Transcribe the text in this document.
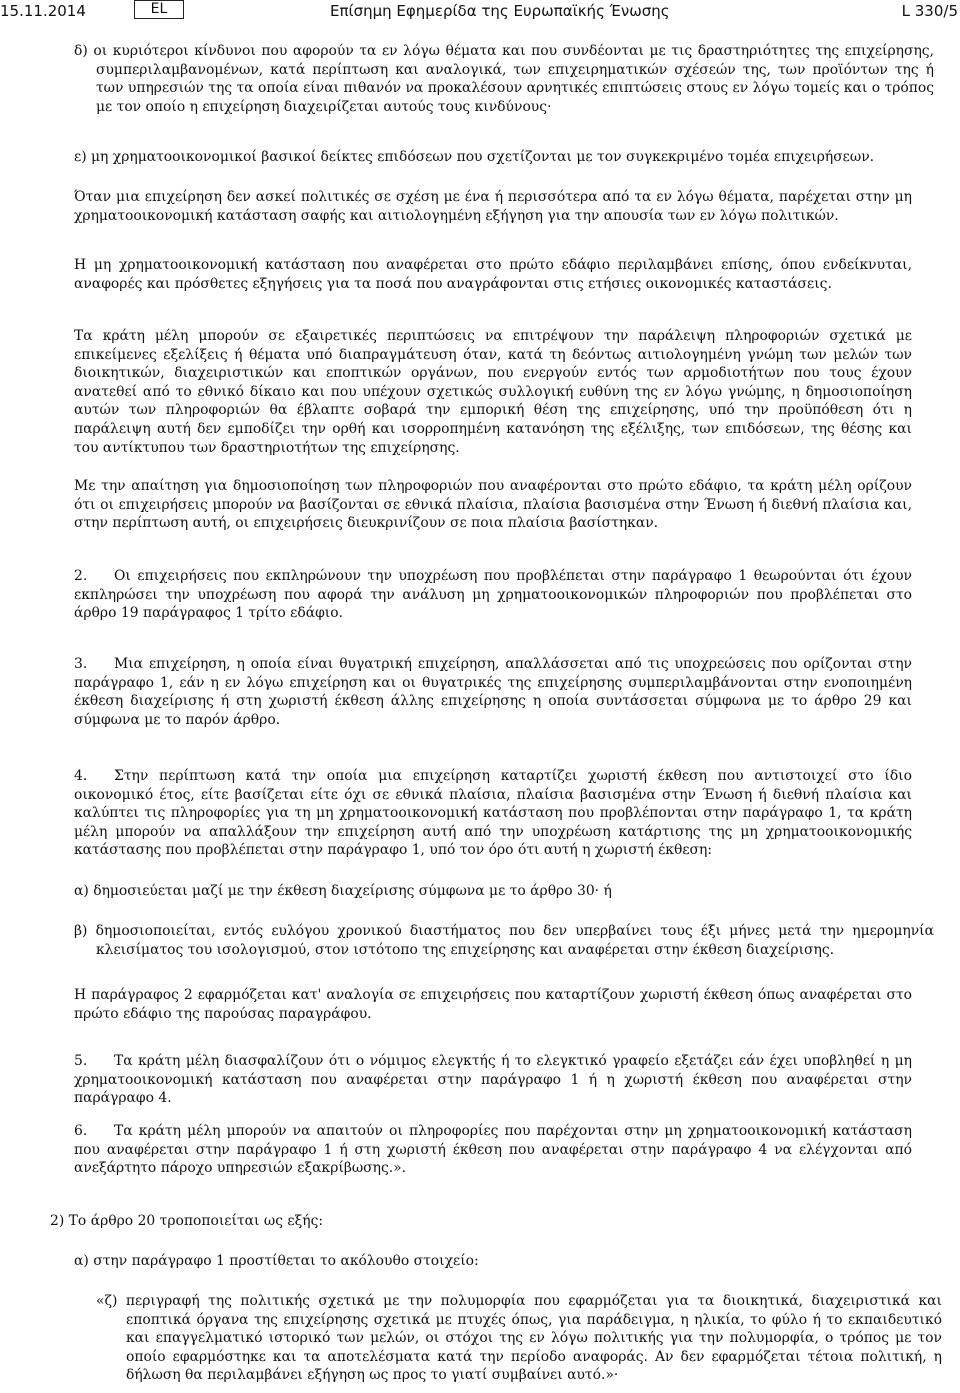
15.11.2014	EL	Επίσημη Εφημερίδα της Ευρωπαϊκής Ένωσης	L 330/5

δ) οι κυριότεροι κίνδυνοι που αφορούν τα εν λόγω θέματα και που συνδέονται με τις δραστηριότητες της επιχείρησης, συμπεριλαμβανομένων, κατά περίπτωση και αναλογικά, των επιχειρηματικών σχέσεών της, των προϊόντων της ή των υπηρεσιών της τα οποία είναι πιθανόν να προκαλέσουν αρνητικές επιπτώσεις στους εν λόγω τομείς και ο τρόπος με τον οποίο η επιχείρηση διαχειρίζεται αυτούς τους κινδύνους·

ε) μη χρηματοοικονομικοί βασικοί δείκτες επιδόσεων που σχετίζονται με τον συγκεκριμένο τομέα επιχειρήσεων.

Όταν μια επιχείρηση δεν ασκεί πολιτικές σε σχέση με ένα ή περισσότερα από τα εν λόγω θέματα, παρέχεται στην μη χρηματοοικονομική κατάσταση σαφής και αιτιολογημένη εξήγηση για την απουσία των εν λόγω πολιτικών.

Η μη χρηματοοικονομική κατάσταση που αναφέρεται στο πρώτο εδάφιο περιλαμβάνει επίσης, όπου ενδείκνυται, αναφορές και πρόσθετες εξηγήσεις για τα ποσά που αναγράφονται στις ετήσιες οικονομικές καταστάσεις.

Τα κράτη μέλη μπορούν σε εξαιρετικές περιπτώσεις να επιτρέψουν την παράλειψη πληροφοριών σχετικά με επικείμενες εξελίξεις ή θέματα υπό διαπραγμάτευση όταν, κατά τη δεόντως αιτιολογημένη γνώμη των μελών των διοικητικών, διαχειριστικών και εποπτικών οργάνων, που ενεργούν εντός των αρμοδιοτήτων που τους έχουν ανατεθεί από το εθνικό δίκαιο και που υπέχουν σχετικώς συλλογική ευθύνη της εν λόγω γνώμης, η δημοσιοποίηση αυτών των πληροφοριών θα έβλαπτε σοβαρά την εμπορική θέση της επιχείρησης, υπό την προϋπόθεση ότι η παράλειψη αυτή δεν εμποδίζει την ορθή και ισορροπημένη κατανόηση της εξέλιξης, των επιδόσεων, της θέσης και του αντίκτυπου των δραστηριοτήτων της επιχείρησης.

Με την απαίτηση για δημοσιοποίηση των πληροφοριών που αναφέρονται στο πρώτο εδάφιο, τα κράτη μέλη ορίζουν ότι οι επιχειρήσεις μπορούν να βασίζονται σε εθνικά πλαίσια, πλαίσια βασισμένα στην Ένωση ή διεθνή πλαίσια και, στην περίπτωση αυτή, οι επιχειρήσεις διευκρινίζουν σε ποια πλαίσια βασίστηκαν.

2. Οι επιχειρήσεις που εκπληρώνουν την υποχρέωση που προβλέπεται στην παράγραφο 1 θεωρούνται ότι έχουν εκπληρώσει την υποχρέωση που αφορά την ανάλυση μη χρηματοοικονομικών πληροφοριών που προβλέπεται στο άρθρο 19 παράγραφος 1 τρίτο εδάφιο.

3. Μια επιχείρηση, η οποία είναι θυγατρική επιχείρηση, απαλλάσσεται από τις υποχρεώσεις που ορίζονται στην παράγραφο 1, εάν η εν λόγω επιχείρηση και οι θυγατρικές της επιχείρησης συμπεριλαμβάνονται στην ενοποιημένη έκθεση διαχείρισης ή στη χωριστή έκθεση άλλης επιχείρησης η οποία συντάσσεται σύμφωνα με το άρθρο 29 και σύμφωνα με το παρόν άρθρο.

4. Στην περίπτωση κατά την οποία μια επιχείρηση καταρτίζει χωριστή έκθεση που αντιστοιχεί στο ίδιο οικονομικό έτος, είτε βασίζεται είτε όχι σε εθνικά πλαίσια, πλαίσια βασισμένα στην Ένωση ή διεθνή πλαίσια και καλύπτει τις πληροφορίες για τη μη χρηματοοικονομική κατάσταση που προβλέπονται στην παράγραφο 1, τα κράτη μέλη μπορούν να απαλλάξουν την επιχείρηση αυτή από την υποχρέωση κατάρτισης της μη χρηματοοικονομικής κατάστασης που προβλέπεται στην παράγραφο 1, υπό τον όρο ότι αυτή η χωριστή έκθεση:

α) δημοσιεύεται μαζί με την έκθεση διαχείρισης σύμφωνα με το άρθρο 30· ή

β) δημοσιοποιείται, εντός ευλόγου χρονικού διαστήματος που δεν υπερβαίνει τους έξι μήνες μετά την ημερομηνία κλεισίματος του ισολογισμού, στον ιστότοπο της επιχείρησης και αναφέρεται στην έκθεση διαχείρισης.

Η παράγραφος 2 εφαρμόζεται κατ' αναλογία σε επιχειρήσεις που καταρτίζουν χωριστή έκθεση όπως αναφέρεται στο πρώτο εδάφιο της παρούσας παραγράφου.

5. Τα κράτη μέλη διασφαλίζουν ότι ο νόμιμος ελεγκτής ή το ελεγκτικό γραφείο εξετάζει εάν έχει υποβληθεί η μη χρηματοοικονομική κατάσταση που αναφέρεται στην παράγραφο 1 ή η χωριστή έκθεση που αναφέρεται στην παράγραφο 4.

6. Τα κράτη μέλη μπορούν να απαιτούν οι πληροφορίες που παρέχονται στην μη χρηματοοικονομική κατάσταση που αναφέρεται στην παράγραφο 1 ή στη χωριστή έκθεση που αναφέρεται στην παράγραφο 4 να ελέγχονται από ανεξάρτητο πάροχο υπηρεσιών εξακρίβωσης.».

2) Το άρθρο 20 τροποποιείται ως εξής:

α) στην παράγραφο 1 προστίθεται το ακόλουθο στοιχείο:

«ζ) περιγραφή της πολιτικής σχετικά με την πολυμορφία που εφαρμόζεται για τα διοικητικά, διαχειριστικά και εποπτικά όργανα της επιχείρησης σχετικά με πτυχές όπως, για παράδειγμα, η ηλικία, το φύλο ή το εκπαιδευτικό και επαγγελματικό ιστορικό των μελών, οι στόχοι της εν λόγω πολιτικής για την πολυμορφία, ο τρόπος με τον οποίο εφαρμόστηκε και τα αποτελέσματα κατά την περίοδο αναφοράς. Αν δεν εφαρμόζεται τέτοια πολιτική, η δήλωση θα περιλαμβάνει εξήγηση ως προς το γιατί συμβαίνει αυτό.»·
